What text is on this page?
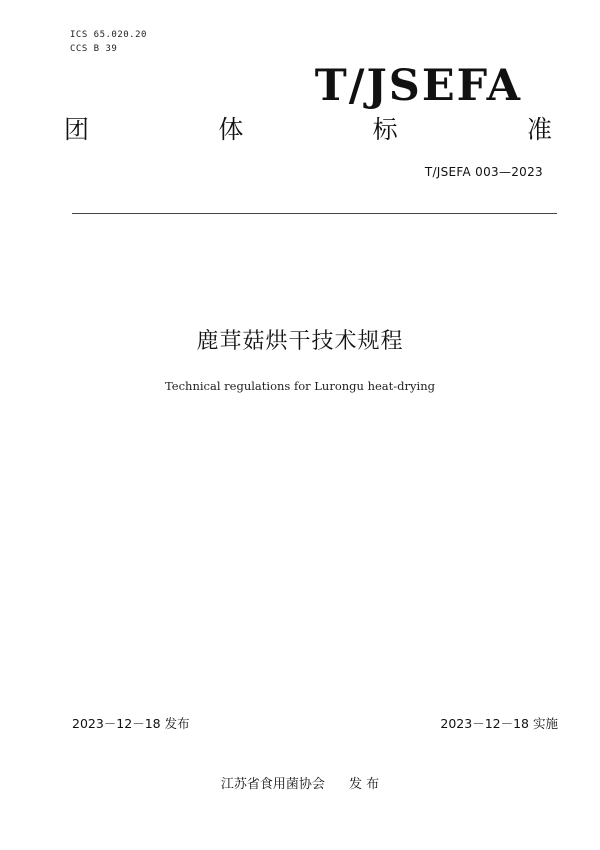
ICS 65.020.20
CCS B 39
T/JSEFA
团	体	标	准
T/JSEFA 003—2023
鹿茸菇烘干技术规程
Technical regulations for Lurongu heat-drying
2023－12－18 发布	2023－12－18 实施
江苏省食用菌协会 发 布
